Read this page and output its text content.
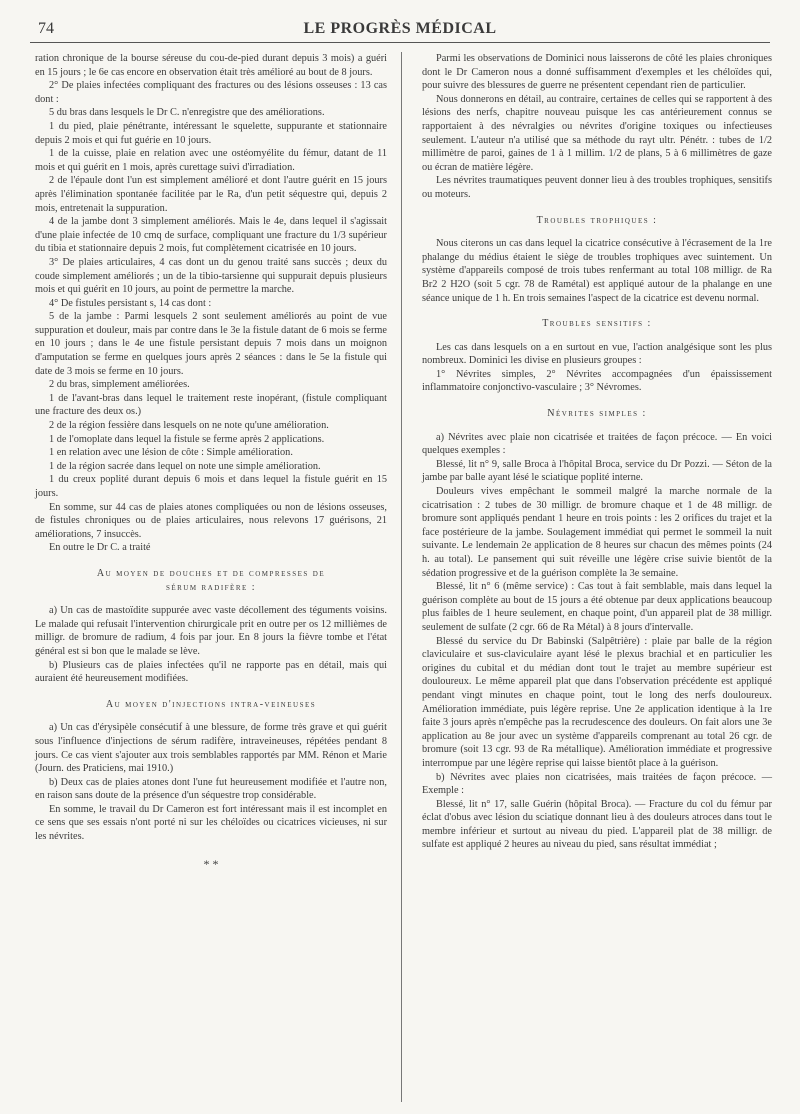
74	LE PROGRÈS MÉDICAL

ration chronique de la bourse séreuse du cou-de-pied durant depuis 3 mois) a guéri en 15 jours ; le 6e cas encore en observation était très amélioré au bout de 8 jours.

2° De plaies infectées compliquant des fractures ou des lésions osseuses : 13 cas dont :

5 du bras dans lesquels le Dr C. n'enregistre que des améliorations.

1 du pied, plaie pénétrante, intéressant le squelette, suppurante et stationnaire depuis 2 mois et qui fut guérie en 10 jours.

1 de la cuisse, plaie en relation avec une ostéomyélite du fémur, datant de 11 mois et qui guérit en 1 mois, après curettage suivi d'irradiation.

2 de l'épaule dont l'un est simplement amélioré et dont l'autre guérit en 15 jours après l'élimination spontanée facilitée par le Ra, d'un petit séquestre qui, depuis 2 mois, entretenait la suppuration.

4 de la jambe dont 3 simplement améliorés. Mais le 4e, dans lequel il s'agissait d'une plaie infectée de 10 cmq de surface, compliquant une fracture du 1/3 supérieur du tibia et stationnaire depuis 2 mois, fut complètement cicatrisée en 10 jours.

3° De plaies articulaires, 4 cas dont un du genou traité sans succès ; deux du coude simplement améliorés ; un de la tibio-tarsienne qui suppurait depuis plusieurs mois et qui guérit en 10 jours, au point de permettre la marche.

4° De fistules persistant s, 14 cas dont :

5 de la jambe : Parmi lesquels 2 sont seulement améliorés au point de vue suppuration et douleur, mais par contre dans le 3e la fistule datant de 6 mois se ferme en 10 jours ; dans le 4e une fistule persistant depuis 7 mois dans un moignon d'amputation se ferme en quelques jours après 2 séances : dans le 5e la fistule qui date de 3 mois se ferme en 10 jours.

2 du bras, simplement améliorées.

1 de l'avant-bras dans lequel le traitement reste inopérant, (fistule compliquant une fracture des deux os.)

2 de la région fessière dans lesquels on ne note qu'une amélioration.

1 de l'omoplate dans lequel la fistule se ferme après 2 applications.

1 en relation avec une lésion de côte : Simple amélioration.

1 de la région sacrée dans lequel on note une simple amélioration.

1 du creux poplité durant depuis 6 mois et dans lequel la fistule guérit en 15 jours.

En somme, sur 44 cas de plaies atones compliquées ou non de lésions osseuses, de fistules chroniques ou de plaies articulaires, nous relevons 17 guérisons, 21 améliorations, 7 insuccès.

En outre le Dr C. a traité

Au moyen de douches et de compresses de
sérum radifère :

a) Un cas de mastoïdite suppurée avec vaste décollement des téguments voisins. Le malade qui refusait l'intervention chirurgicale prit en outre per os 12 millièmes de milligr. de bromure de radium, 4 fois par jour. En 8 jours la fièvre tombe et l'état général est si bon que le malade se lève.

b) Plusieurs cas de plaies infectées qu'il ne rapporte pas en détail, mais qui auraient été heureusement modifiées.

Au moyen d'injections intra-veineuses

a) Un cas d'érysipèle consécutif à une blessure, de forme très grave et qui guérit sous l'influence d'injections de sérum radifère, intraveineuses, répétées pendant 8 jours. Ce cas vient s'ajouter aux trois semblables rapportés par MM. Rénon et Marie (Journ. des Praticiens, mai 1910.)

b) Deux cas de plaies atones dont l'une fut heureusement modifiée et l'autre non, en raison sans doute de la présence d'un séquestre trop considérable.

En somme, le travail du Dr Cameron est fort intéressant mais il est incomplet en ce sens que ses essais n'ont porté ni sur les chéloïdes ou cicatrices vicieuses, ni sur les névrites.

* *

Parmi les observations de Dominici nous laisserons de côté les plaies chroniques dont le Dr Cameron nous a donné suffisamment d'exemples et les chéloïdes qui, pour suivre des blessures de guerre ne présentent cependant rien de particulier.

Nous donnerons en détail, au contraire, certaines de celles qui se rapportent à des lésions des nerfs, chapitre nouveau puisque les cas antérieurement connus se rapportaient à des névralgies ou névrites d'origine toxiques ou infectieuses seulement. L'auteur n'a utilisé que sa méthode du rayt ultr. Pénétr. : tubes de 1/2 millimètre de paroi, gaines de 1 à 1 millim. 1/2 de plans, 5 à 6 millimètres de gaze ou écran de matière légère.

Les névrites traumatiques peuvent donner lieu à des troubles trophiques, sensitifs ou moteurs.

Troubles trophiques :

Nous citerons un cas dans lequel la cicatrice consécutive à l'écrasement de la 1re phalange du médius étaient le siège de troubles trophiques avec suintement. Un système d'appareils composé de trois tubes renfermant au total 108 milligr. de Ra Br2 2 H2O (soit 5 cgr. 78 de Ramétal) est appliqué autour de la phalange en une séance unique de 1 h. En trois semaines l'aspect de la cicatrice est devenu normal.

Troubles sensitifs :

Les cas dans lesquels on a en surtout en vue, l'action analgésique sont les plus nombreux. Dominici les divise en plusieurs groupes :

1° Névrites simples, 2° Névrites accompagnées d'un épaississement inflammatoire conjonctivo-vasculaire ; 3° Névromes.

Névrites simples :

a) Névrites avec plaie non cicatrisée et traitées de façon précoce. — En voici quelques exemples :

Blessé, lit n° 9, salle Broca à l'hôpital Broca, service du Dr Pozzi. — Séton de la jambe par balle ayant lésé le sciatique poplité interne.

Douleurs vives empêchant le sommeil malgré la marche normale de la cicatrisation : 2 tubes de 30 milligr. de bromure chaque et 1 de 48 milligr. de bromure sont appliqués pendant 1 heure en trois points : les 2 orifices du trajet et la face postérieure de la jambe. Soulagement immédiat qui permet le sommeil la nuit suivante. Le lendemain 2e application de 8 heures sur chacun des mêmes points (24 h. au total). Le pansement qui suit réveille une légère crise suivie bientôt de la sédation progressive et de la guérison complète la 3e semaine.

Blessé, lit n° 6 (même service) : Cas tout à fait semblable, mais dans lequel la guérison complète au bout de 15 jours a été obtenue par deux applications beaucoup plus faibles de 1 heure seulement, en chaque point, d'un appareil plat de 38 milligr. seulement de sulfate (2 cgr. 66 de Ra Métal) à 8 jours d'intervalle.

Blessé du service du Dr Babinski (Salpêtrière) : plaie par balle de la région claviculaire et sus-claviculaire ayant lésé le plexus brachial et en particulier les origines du cubital et du médian dont tout le trajet au membre supérieur est douloureux. Le même appareil plat que dans l'observation précédente est appliqué pendant vingt minutes en chaque point, tout le long des nerfs douloureux. Amélioration immédiate, puis légère reprise. Une 2e application identique à la 1re faite 3 jours après n'empêche pas la recrudescence des douleurs. On fait alors une 3e application au 8e jour avec un système d'appareils comprenant au total 26 cgr. de bromure (soit 13 cgr. 93 de Ra métallique). Amélioration immédiate et progressive interrompue par une légère reprise qui laisse bientôt place à la guérison.

b) Névrites avec plaies non cicatrisées, mais traitées de façon précoce. — Exemple :

Blessé, lit n° 17, salle Guérin (hôpital Broca). — Fracture du col du fémur par éclat d'obus avec lésion du sciatique donnant lieu à des douleurs atroces dans tout le membre inférieur et surtout au niveau du pied. L'appareil plat de 38 milligr. de sulfate est appliqué 2 heures au niveau du pied, sans résultat immédiat ;
